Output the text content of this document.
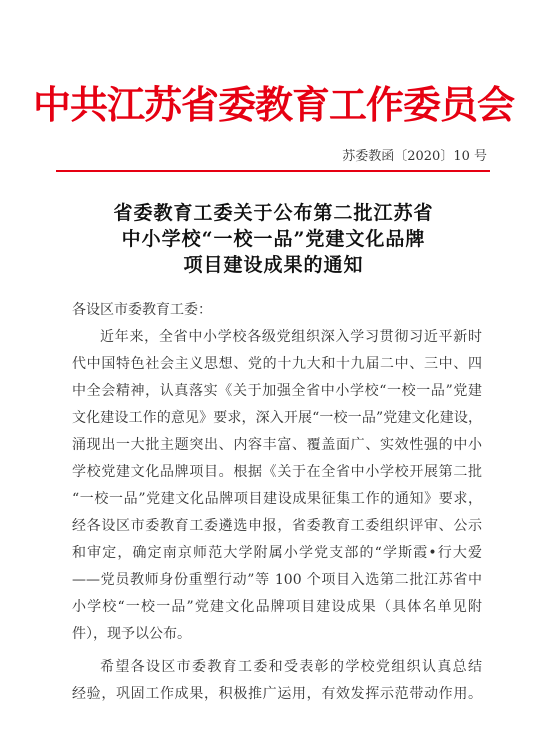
中共江苏省委教育工作委员会
苏委教函〔2020〕10 号
省委教育工委关于公布第二批江苏省
中小学校“一校一品”党建文化品牌
项目建设成果的通知
各设区市委教育工委：
近年来，全省中小学校各级党组织深入学习贯彻习近平新时
代中国特色社会主义思想、党的十九大和十九届二中、三中、四
中全会精神，认真落实《关于加强全省中小学校“一校一品”党建
文化建设工作的意见》要求，深入开展“一校一品”党建文化建设，
涌现出一大批主题突出、内容丰富、覆盖面广、实效性强的中小
学校党建文化品牌项目。根据《关于在全省中小学校开展第二批
“一校一品”党建文化品牌项目建设成果征集工作的通知》要求，
经各设区市委教育工委遴选申报，省委教育工委组织评审、公示
和审定，确定南京师范大学附属小学党支部的“学斯霞•行大爱
——党员教师身份重塑行动”等 100 个项目入选第二批江苏省中
小学校“一校一品”党建文化品牌项目建设成果（具体名单见附
件），现予以公布。
希望各设区市委教育工委和受表彰的学校党组织认真总结
经验，巩固工作成果，积极推广运用，有效发挥示范带动作用。
